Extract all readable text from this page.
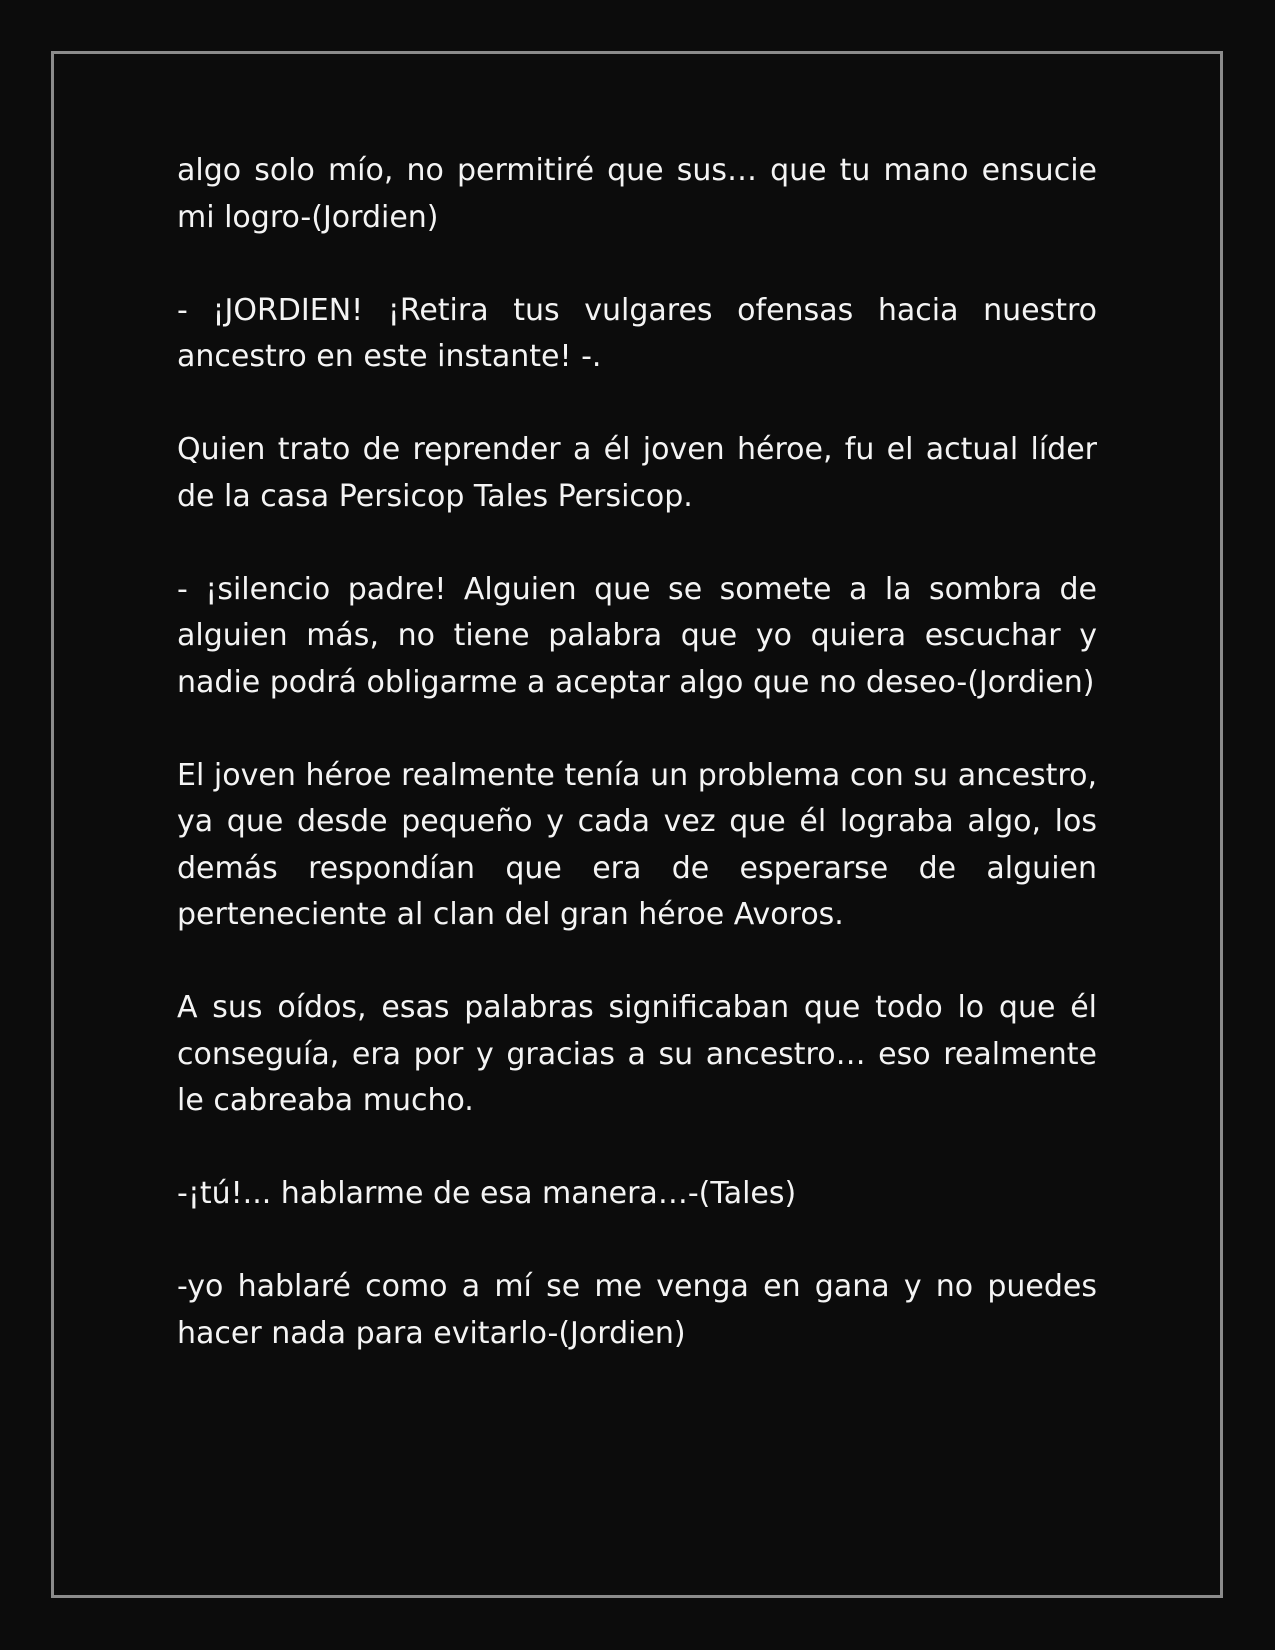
algo solo mío, no permitiré que sus… que tu mano ensucie mi logro-(Jordien)

- ¡JORDIEN! ¡Retira tus vulgares ofensas hacia nuestro ancestro en este instante! -.

Quien trato de reprender a él joven héroe, fu el actual líder de la casa Persicop Tales Persicop.

- ¡silencio padre! Alguien que se somete a la sombra de alguien más, no tiene palabra que yo quiera escuchar y nadie podrá obligarme a aceptar algo que no deseo-(Jordien)

El joven héroe realmente tenía un problema con su ancestro, ya que desde pequeño y cada vez que él lograba algo, los demás respondían que era de esperarse de alguien perteneciente al clan del gran héroe Avoros.

A sus oídos, esas palabras significaban que todo lo que él conseguía, era por y gracias a su ancestro… eso realmente le cabreaba mucho.

-¡tú!... hablarme de esa manera…-(Tales)

-yo hablaré como a mí se me venga en gana y no puedes hacer nada para evitarlo-(Jordien)
